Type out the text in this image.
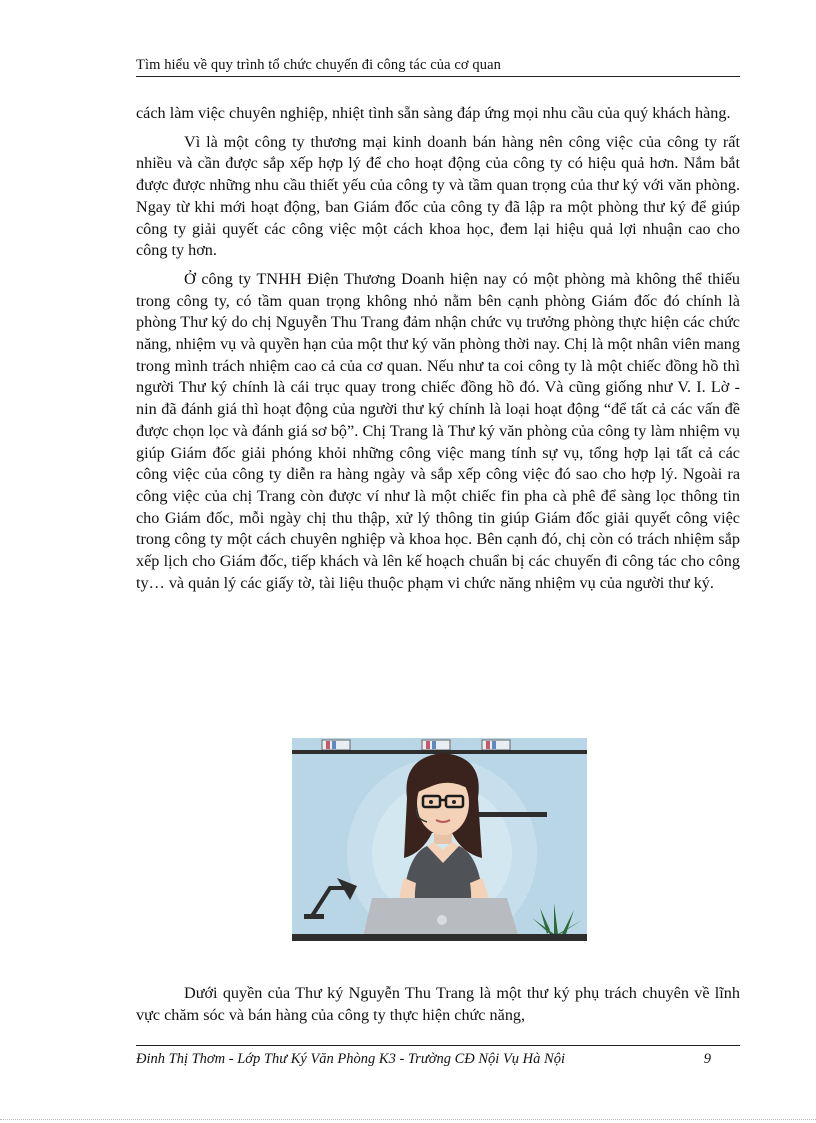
Tìm hiểu về quy trình tổ chức chuyến đi công tác của cơ quan

cách làm việc chuyên nghiệp, nhiệt tình sẵn sàng đáp ứng mọi nhu cầu của quý khách hàng.

Vì là một công ty thương mại kinh doanh bán hàng nên công việc của công ty rất nhiều và cần được sắp xếp hợp lý để cho hoạt động của công ty có hiệu quả hơn. Nắm bắt được được những nhu cầu thiết yếu của công ty và tầm quan trọng của thư ký với văn phòng. Ngay từ khi mới hoạt động, ban Giám đốc của công ty đã lập ra một phòng thư ký để giúp công ty giải quyết các công việc một cách khoa học, đem lại hiệu quả lợi nhuận cao cho công ty hơn.

Ở công ty TNHH Điện Thương Doanh hiện nay có một phòng mà không thể thiếu trong công ty, có tầm quan trọng không nhỏ nằm bên cạnh phòng Giám đốc đó chính là phòng Thư ký do chị Nguyễn Thu Trang đảm nhận chức vụ trưởng phòng thực hiện các chức năng, nhiệm vụ và quyền hạn của một thư ký văn phòng thời nay. Chị là một nhân viên mang trong mình trách nhiệm cao cả của cơ quan. Nếu như ta coi công ty là một chiếc đồng hồ thì người Thư ký chính là cái trục quay trong chiếc đồng hồ đó. Và cũng giống như V. I. Lờ - nin đã đánh giá thì hoạt động của người thư ký chính là loại hoạt động “để tất cả các vấn đề được chọn lọc và đánh giá sơ bộ”. Chị Trang là Thư ký văn phòng của công ty làm nhiệm vụ giúp Giám đốc giải phóng khỏi những công việc mang tính sự vụ, tổng hợp lại tất cả các công việc của công ty diễn ra hàng ngày và sắp xếp công việc đó sao cho hợp lý. Ngoài ra công việc của chị Trang còn được ví như là một chiếc fin pha cà phê để sàng lọc thông tin cho Giám đốc, mỗi ngày chị thu thập, xử lý thông tin giúp Giám đốc giải quyết công việc trong công ty một cách chuyên nghiệp và khoa học. Bên cạnh đó, chị còn có trách nhiệm sắp xếp lịch cho Giám đốc, tiếp khách và lên kế hoạch chuẩn bị các chuyến đi công tác cho công ty… và quản lý các giấy tờ, tài liệu thuộc phạm vi chức năng nhiệm vụ của người thư ký.

Dưới quyền của Thư ký Nguyễn Thu Trang là một thư ký phụ trách chuyên về lĩnh vực chăm sóc và bán hàng của công ty thực hiện chức năng,

Đinh Thị Thơm - Lớp Thư Ký Văn Phòng K3 - Trường CĐ Nội Vụ Hà Nội	9
